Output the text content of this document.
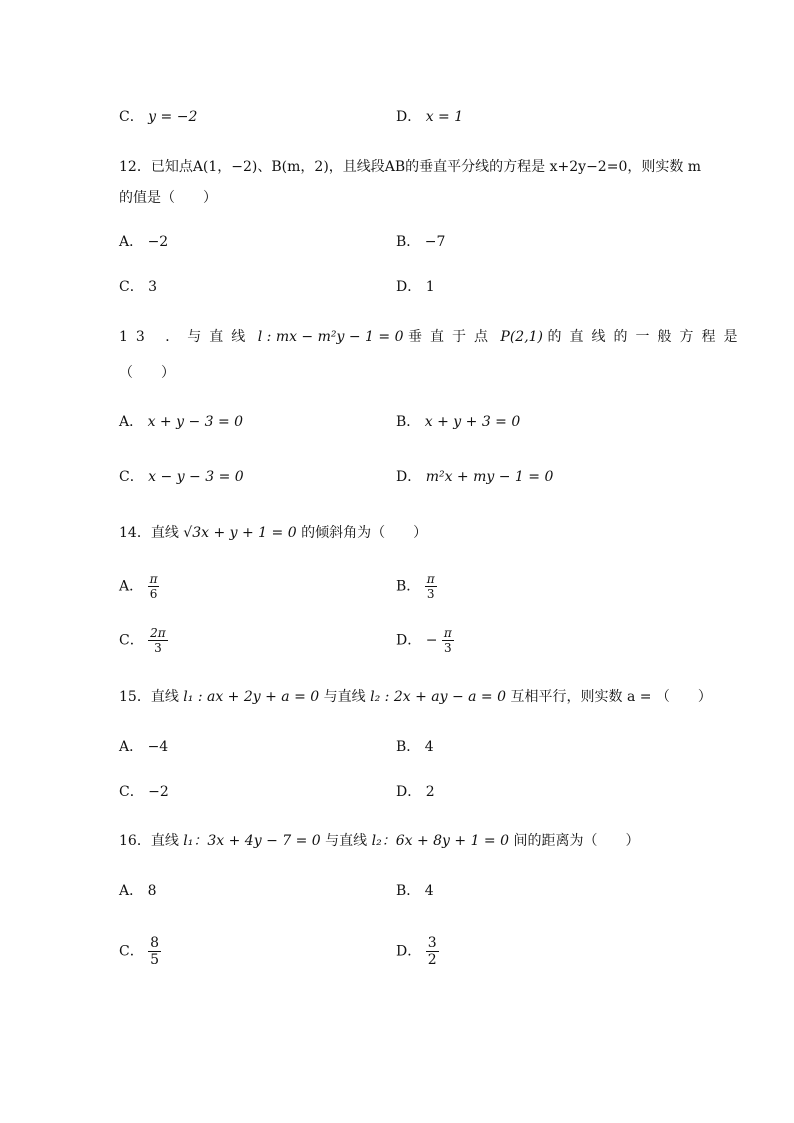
C． y = −2	D． x = 1
12．已知点A(1，−2)、B(m，2)，且线段AB的垂直平分线的方程是 x+2y−2=0，则实数 m
的值是（　　）
A． −2	B． −7
C． 3	D． 1
13 ．与直线 l : mx − m²y − 1 = 0 垂直于点 P(2,1) 的直线的一般方程是
（　　）
A． x + y − 3 = 0	B． x + y + 3 = 0
C． x − y − 3 = 0	D． m²x + my − 1 = 0
14．直线 √3x + y + 1 = 0 的倾斜角为（　　）
A． $\frac{\pi}{6}$	B． $\frac{\pi}{3}$
C． $\frac{2\pi}{3}$	D． − $\frac{\pi}{3}$
15．直线 l₁ : ax + 2y + a = 0 与直线 l₂ : 2x + ay − a = 0 互相平行，则实数 a = （　　）
A． −4	B． 4
C． −2	D． 2
16．直线 l₁：3x + 4y − 7 = 0 与直线 l₂：6x + 8y + 1 = 0 间的距离为（　　）
A． 8	B． 4
C． $\frac{8}{5}$	D． $\frac{3}{2}$
